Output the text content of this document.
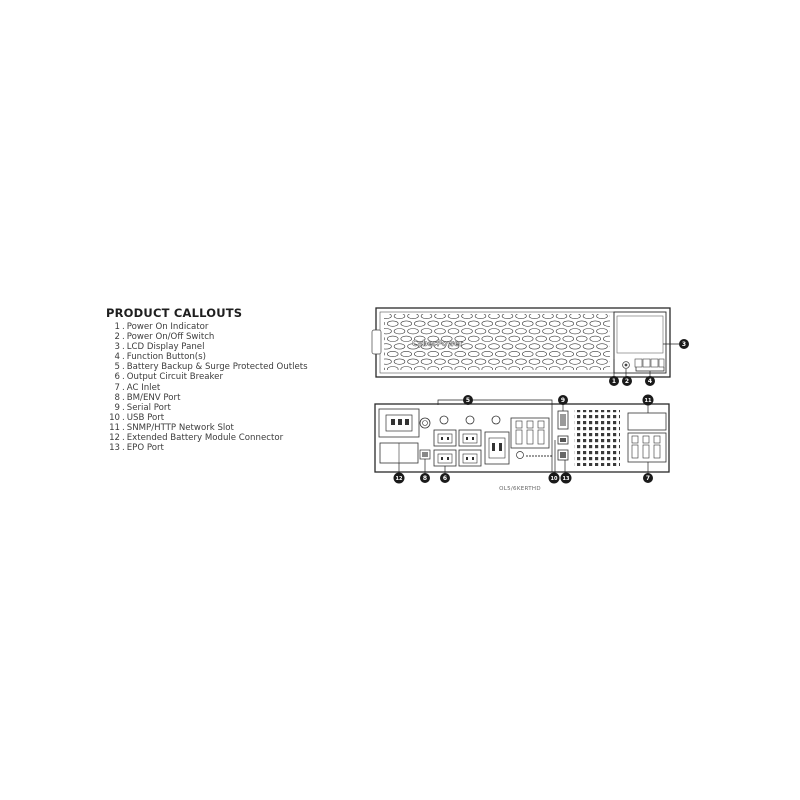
PRODUCT CALLOUTS
1 . Power On Indicator
2 . Power On/Off Switch
3 . LCD Display Panel
4 . Function Button(s)
5 . Battery Backup & Surge Protected Outlets
6 . Output Circuit Breaker
7 . AC Inlet
8 . BM/ENV Port
9 . Serial Port
10 . USB Port
11 . SNMP/HTTP Network Slot
12 . Extended Battery Module Connector
13 . EPO Port
CyberPower
1 2
3
4
5
6	7
8
9
10
11
12	13
OL5/6KERTHD
